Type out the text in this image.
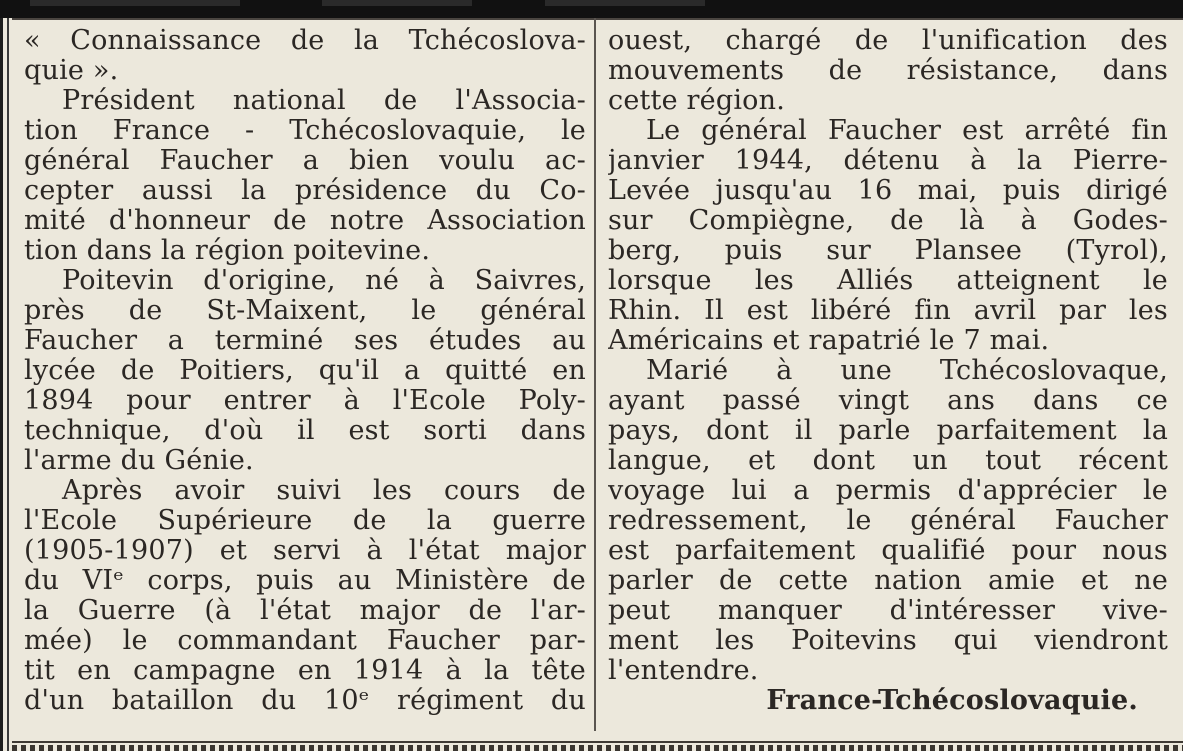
« Connaissance de la Tchécoslova-
quie ».
Président national de l'Associa-
tion France - Tchécoslovaquie, le
général Faucher a bien voulu ac-
cepter aussi la présidence du Co-
mité d'honneur de notre Association
tion dans la région poitevine.
Poitevin d'origine, né à Saivres,
près de St-Maixent, le général
Faucher a terminé ses études au
lycée de Poitiers, qu'il a quitté en
1894 pour entrer à l'Ecole Poly-
technique, d'où il est sorti dans
l'arme du Génie.
Après avoir suivi les cours de
l'Ecole Supérieure de la guerre
(1905-1907) et servi à l'état major
du VIᵉ corps, puis au Ministère de
la Guerre (à l'état major de l'ar-
mée) le commandant Faucher par-
tit en campagne en 1914 à la tête
d'un bataillon du 10ᵉ régiment du
ouest, chargé de l'unification des
mouvements de résistance, dans
cette région.
Le général Faucher est arrêté fin
janvier 1944, détenu à la Pierre-
Levée jusqu'au 16 mai, puis dirigé
sur Compiègne, de là à Godes-
berg, puis sur Plansee (Tyrol),
lorsque les Alliés atteignent le
Rhin. Il est libéré fin avril par les
Américains et rapatrié le 7 mai.
Marié à une Tchécoslovaque,
ayant passé vingt ans dans ce
pays, dont il parle parfaitement la
langue, et dont un tout récent
voyage lui a permis d'apprécier le
redressement, le général Faucher
est parfaitement qualifié pour nous
parler de cette nation amie et ne
peut manquer d'intéresser vive-
ment les Poitevins qui viendront
l'entendre.
France-Tchécoslovaquie.
